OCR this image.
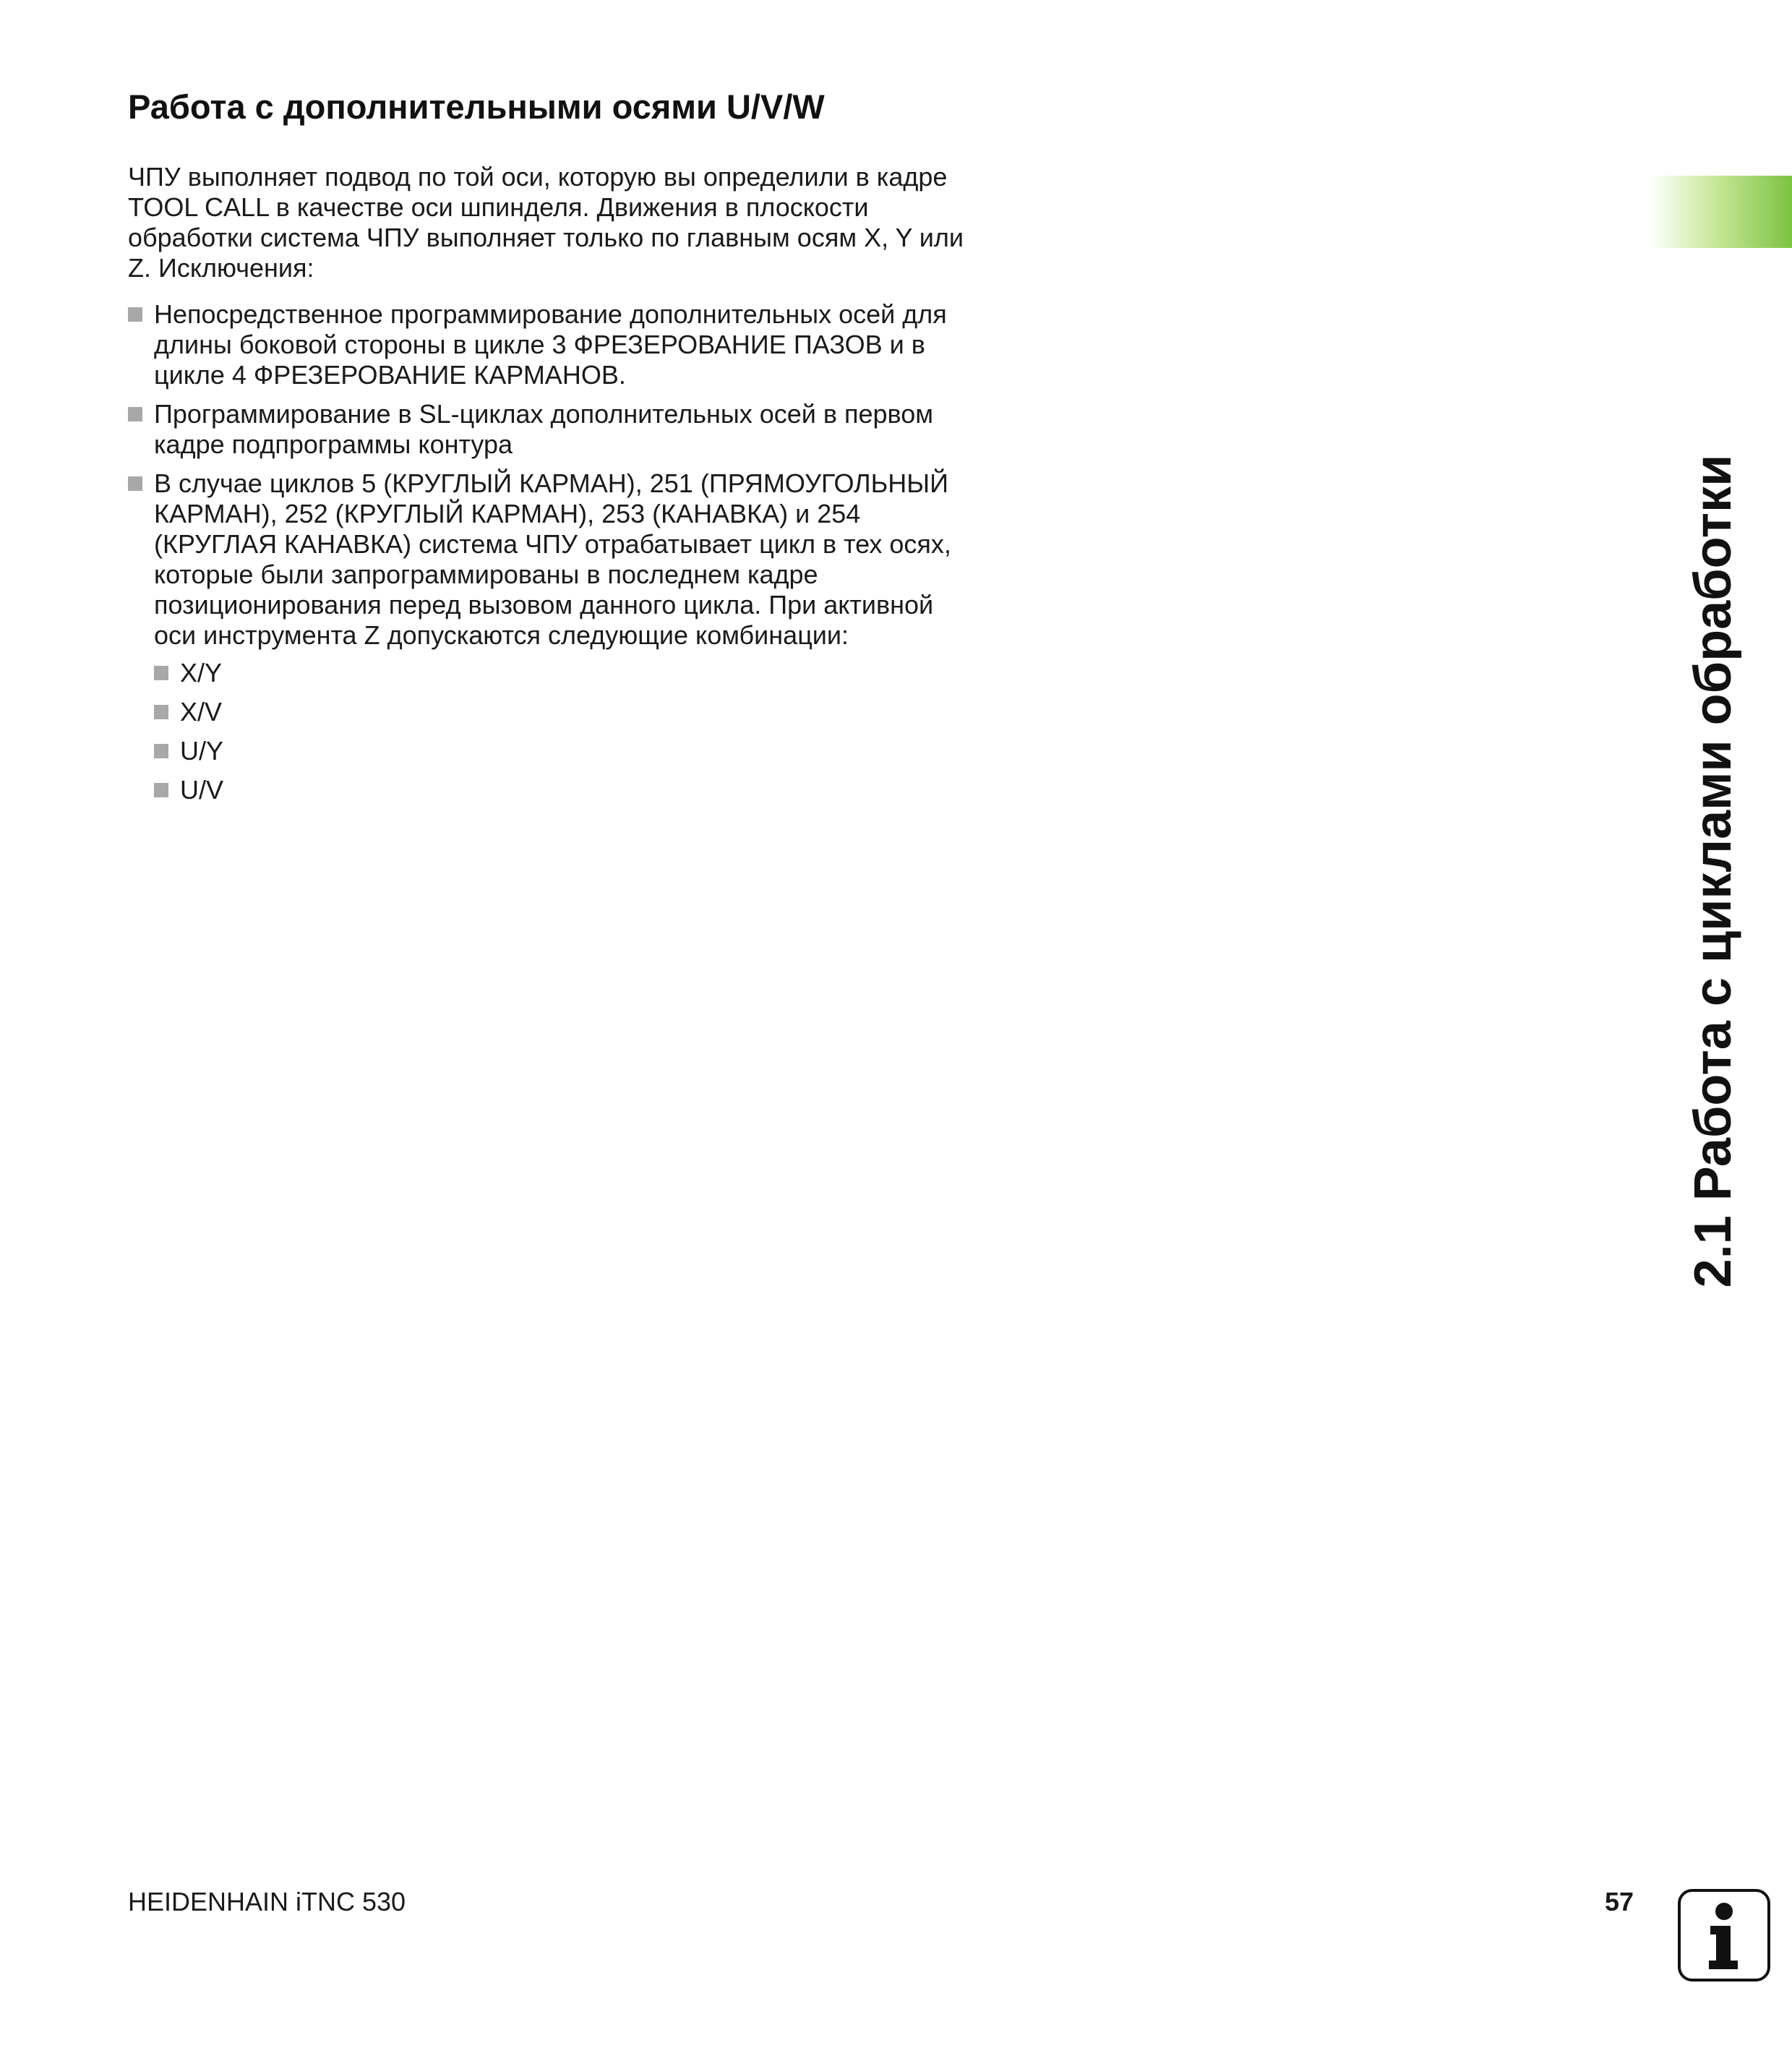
Работа с дополнительными осями U/V/W

ЧПУ выполняет подвод по той оси, которую вы определили в кадре TOOL CALL в качестве оси шпинделя. Движения в плоскости обработки система ЧПУ выполняет только по главным осям X, Y или Z. Исключения:

Непосредственное программирование дополнительных осей для длины боковой стороны в цикле 3 ФРЕЗЕРОВАНИЕ ПАЗОВ и в цикле 4 ФРЕЗЕРОВАНИЕ КАРМАНОВ.
Программирование в SL-циклах дополнительных осей в первом кадре подпрограммы контура
В случае циклов 5 (КРУГЛЫЙ КАРМАН), 251 (ПРЯМОУГОЛЬНЫЙ КАРМАН), 252 (КРУГЛЫЙ КАРМАН), 253 (КАНАВКА) и 254 (КРУГЛАЯ КАНАВКА) система ЧПУ отрабатывает цикл в тех осях, которые были запрограммированы в последнем кадре позиционирования перед вызовом данного цикла. При активной оси инструмента Z допускаются следующие комбинации:
X/Y
X/V
U/Y
U/V	2.1 Работа с циклами обработки
HEIDENHAIN iTNC 530	57
